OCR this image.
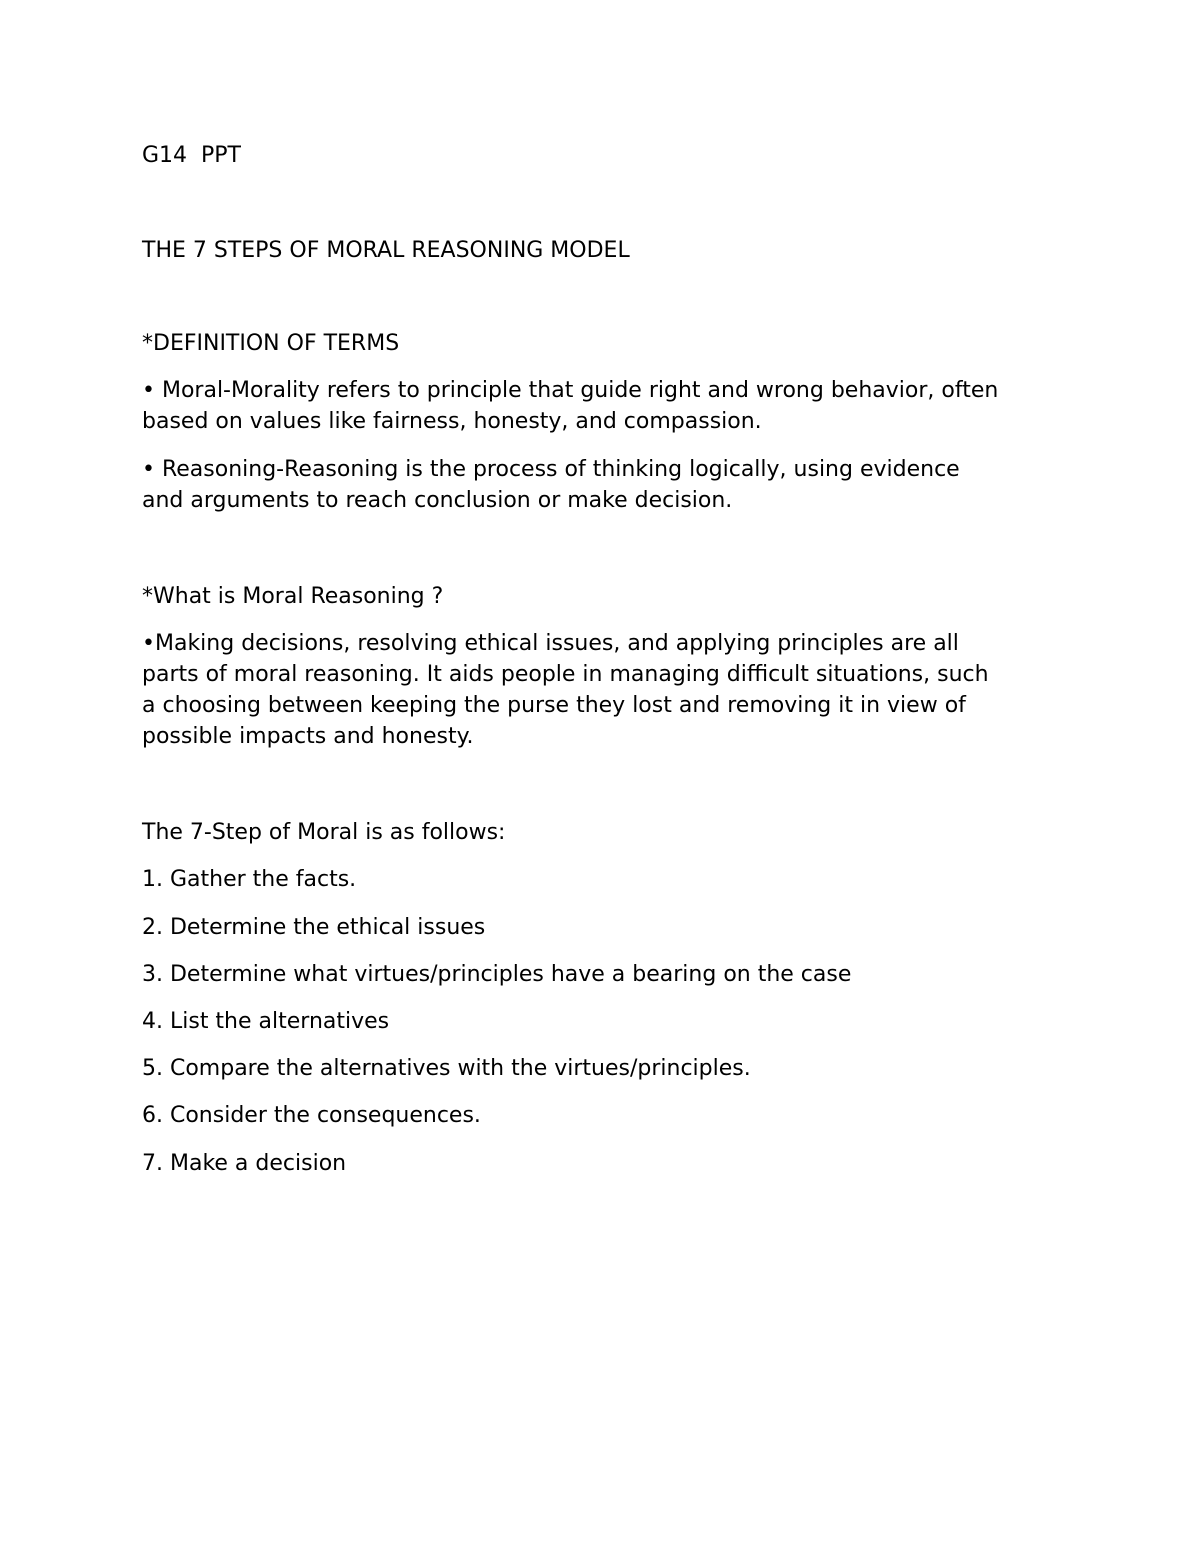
G14  PPT

THE 7 STEPS OF MORAL REASONING MODEL

*DEFINITION OF TERMS

• Moral-Morality refers to principle that guide right and wrong behavior, often
based on values like fairness, honesty, and compassion.
• Reasoning-Reasoning is the process of thinking logically, using evidence
and arguments to reach conclusion or make decision.

*What is Moral Reasoning ?

•Making decisions, resolving ethical issues, and applying principles are all
parts of moral reasoning. It aids people in managing difficult situations, such
a choosing between keeping the purse they lost and removing it in view of
possible impacts and honesty.

The 7-Step of Moral is as follows:

1. Gather the facts.

2. Determine the ethical issues

3. Determine what virtues/principles have a bearing on the case

4. List the alternatives

5. Compare the alternatives with the virtues/principles.

6. Consider the consequences.

7. Make a decision
